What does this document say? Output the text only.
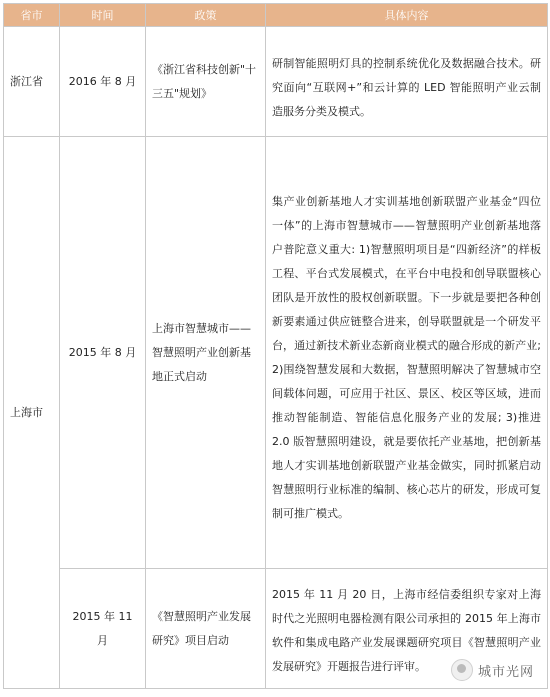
省市	时间	政策	具体内容
浙江省	2016 年 8 月	《浙江省科技创新"十三五"规划》	研制智能照明灯具的控制系统优化及数据融合技术。研究面向“互联网+”和云计算的 LED 智能照明产业云制造服务分类及模式。
上海市	2015 年 8 月	上海市智慧城市——智慧照明产业创新基地正式启动	集产业创新基地人才实训基地创新联盟产业基金“四位一体”的上海市智慧城市——智慧照明产业创新基地落户普陀意义重大: 1)智慧照明项目是“四新经济”的样板工程、平台式发展模式，在平台中电投和创导联盟核心团队是开放性的股权创新联盟。下一步就是要把各种创新要素通过供应链整合进来，创导联盟就是一个研发平台，通过新技术新业态新商业模式的融合形成的新产业; 2)围绕智慧发展和大数据，智慧照明解决了智慧城市空间载体问题，可应用于社区、景区、校区等区域，进而推动智能制造、智能信息化服务产业的发展; 3)推进 2.0 版智慧照明建设，就是要依托产业基地，把创新基地人才实训基地创新联盟产业基金做实，同时抓紧启动智慧照明行业标准的编制、核心芯片的研发，形成可复制可推广模式。
	2015 年 11 月	《智慧照明产业发展研究》项目启动	2015 年 11 月 20 日，上海市经信委组织专家对上海时代之光照明电器检测有限公司承担的 2015 年上海市软件和集成电路产业发展课题研究项目《智慧照明产业发展研究》开题报告进行评审。	城市光网
